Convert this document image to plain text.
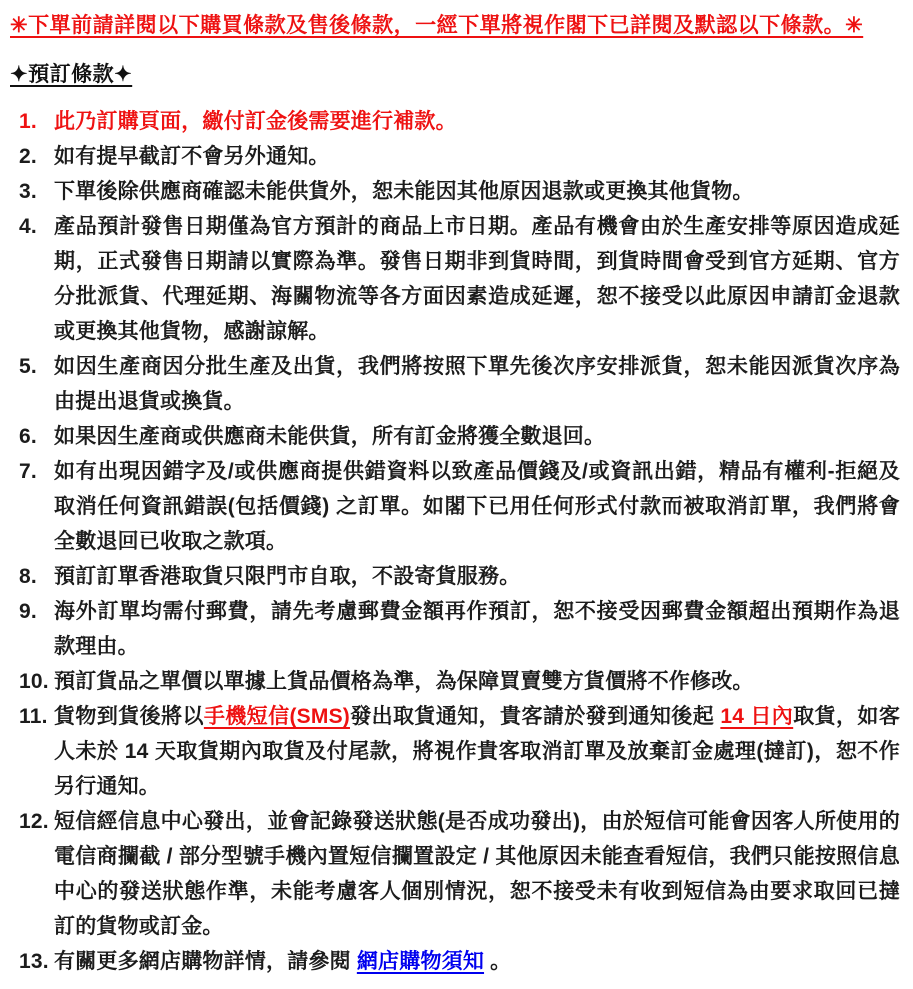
✳下單前請詳閱以下購買條款及售後條款，一經下單將視作閣下已詳閱及默認以下條款。✳
✦預訂條款✦
1. 此乃訂購頁面，繳付訂金後需要進行補款。
2. 如有提早截訂不會另外通知。
3. 下單後除供應商確認未能供貨外，恕未能因其他原因退款或更換其他貨物。
4. 產品預計發售日期僅為官方預計的商品上市日期。產品有機會由於生產安排等原因造成延期，正式發售日期請以實際為準。發售日期非到貨時間，到貨時間會受到官方延期、官方分批派貨、代理延期、海關物流等各方面因素造成延遲，恕不接受以此原因申請訂金退款或更換其他貨物，感謝諒解。
5. 如因生產商因分批生產及出貨，我們將按照下單先後次序安排派貨，恕未能因派貨次序為由提出退貨或換貨。
6. 如果因生產商或供應商未能供貨，所有訂金將獲全數退回。
7. 如有出現因錯字及/或供應商提供錯資料以致產品價錢及/或資訊出錯，精品有權利-拒絕及取消任何資訊錯誤(包括價錢) 之訂單。如閣下已用任何形式付款而被取消訂單，我們將會全數退回已收取之款項。
8. 預訂訂單香港取貨只限門市自取，不設寄貨服務。
9. 海外訂單均需付郵費，請先考慮郵費金額再作預訂，恕不接受因郵費金額超出預期作為退款理由。
10. 預訂貨品之單價以單據上貨品價格為準，為保障買賣雙方貨價將不作修改。
11. 貨物到貨後將以手機短信(SMS)發出取貨通知，貴客請於發到通知後起 14 日內取貨，如客人未於 14 天取貨期內取貨及付尾款，將視作貴客取消訂單及放棄訂金處理(撻訂)，恕不作另行通知。
12. 短信經信息中心發出，並會記錄發送狀態(是否成功發出)，由於短信可能會因客人所使用的電信商攔截 / 部分型號手機內置短信攔置設定 / 其他原因未能查看短信，我們只能按照信息中心的發送狀態作準，未能考慮客人個別情況，恕不接受未有收到短信為由要求取回已撻訂的貨物或訂金。
13. 有關更多網店購物詳情，請參閱 網店購物須知 。
